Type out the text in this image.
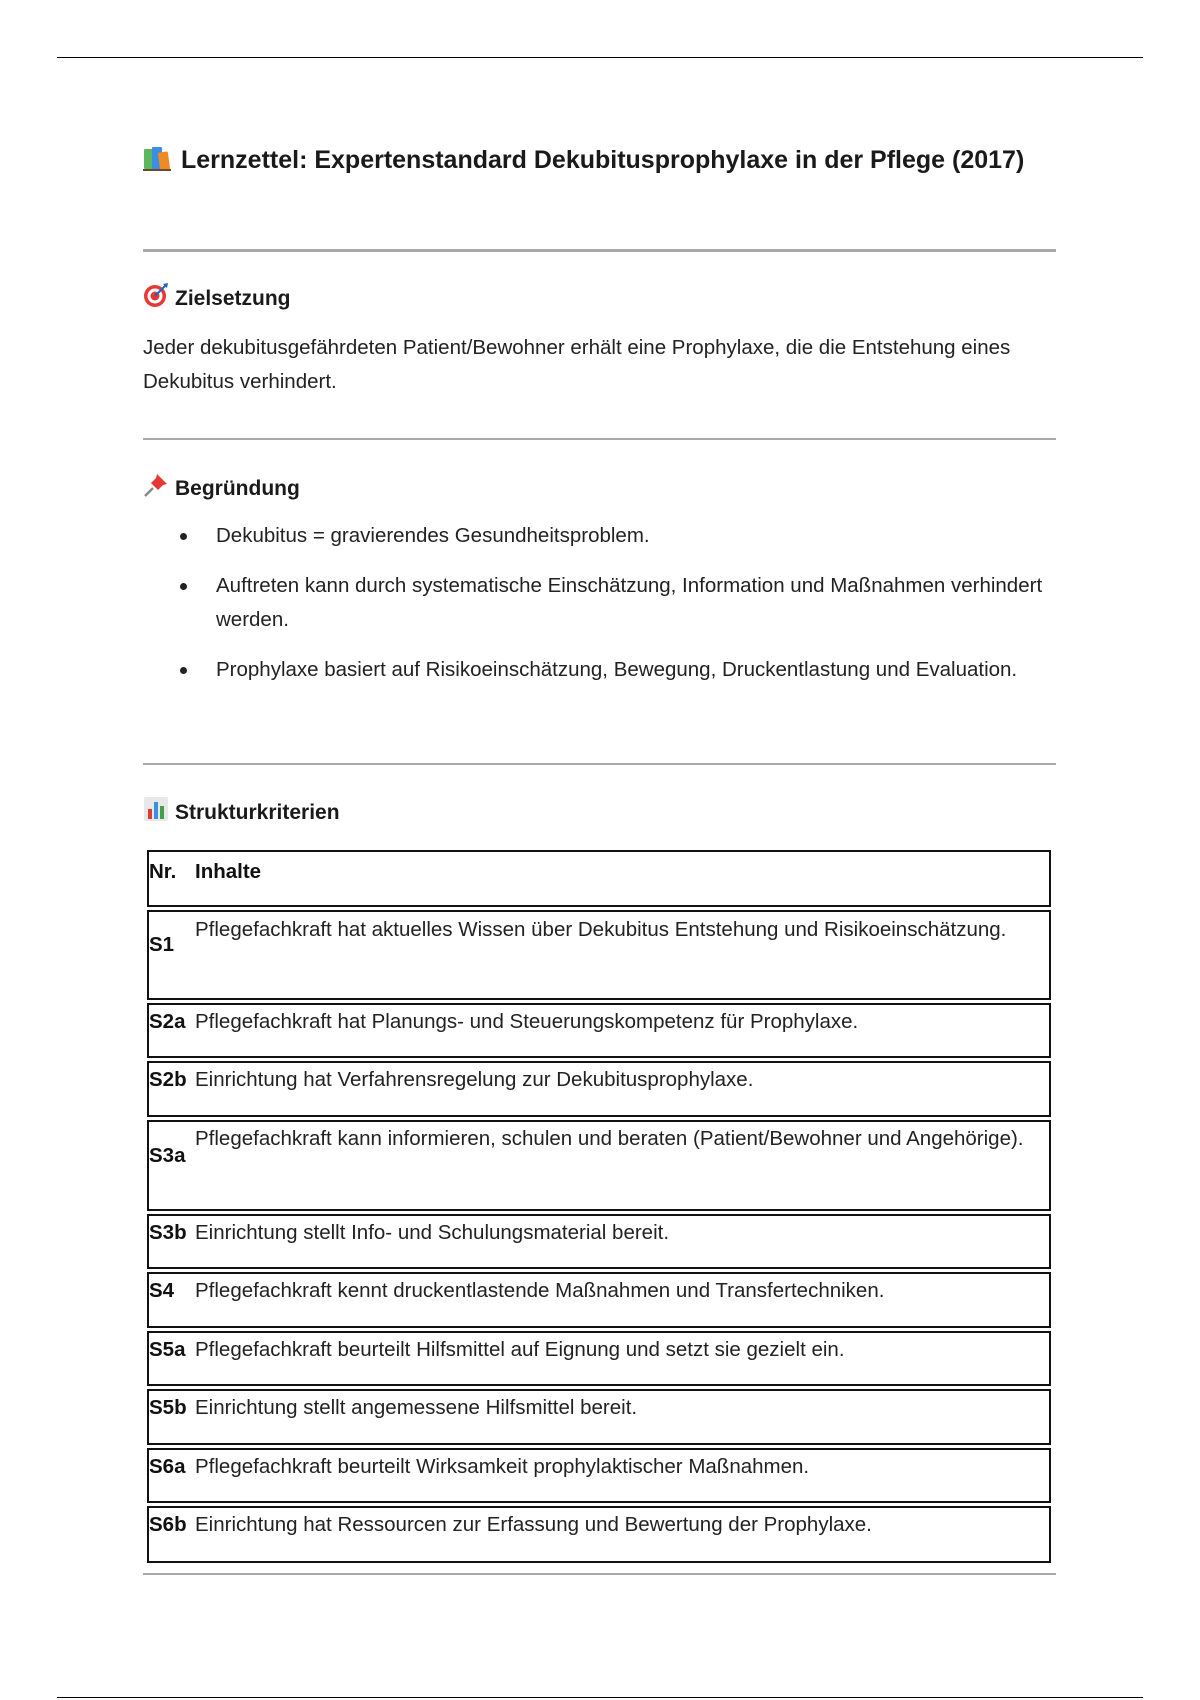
Lernzettel: Expertenstandard Dekubitusprophylaxe in der Pflege (2017)
Zielsetzung

Jeder dekubitusgefährdeten Patient/Bewohner erhält eine Prophylaxe, die die Entstehung eines Dekubitus verhindert.

Begründung
Dekubitus = gravierendes Gesundheitsproblem.
Auftreten kann durch systematische Einschätzung, Information und Maßnahmen verhindert werden.
Prophylaxe basiert auf Risikoeinschätzung, Bewegung, Druckentlastung und Evaluation.
Strukturkriterien
Nr. Inhalte
S1
Pflegefachkraft hat aktuelles Wissen über Dekubitus Entstehung und Risikoeinschätzung.
S2a Pflegefachkraft hat Planungs- und Steuerungskompetenz für Prophylaxe.
S2b Einrichtung hat Verfahrensregelung zur Dekubitusprophylaxe.
S3a
Pflegefachkraft kann informieren, schulen und beraten (Patient/Bewohner und Angehörige).
S3b Einrichtung stellt Info- und Schulungsmaterial bereit.
S4	Pflegefachkraft kennt druckentlastende Maßnahmen und Transfertechniken.
S5a Pflegefachkraft beurteilt Hilfsmittel auf Eignung und setzt sie gezielt ein.
S5b Einrichtung stellt angemessene Hilfsmittel bereit.
S6a Pflegefachkraft beurteilt Wirksamkeit prophylaktischer Maßnahmen.
S6b Einrichtung hat Ressourcen zur Erfassung und Bewertung der Prophylaxe.
